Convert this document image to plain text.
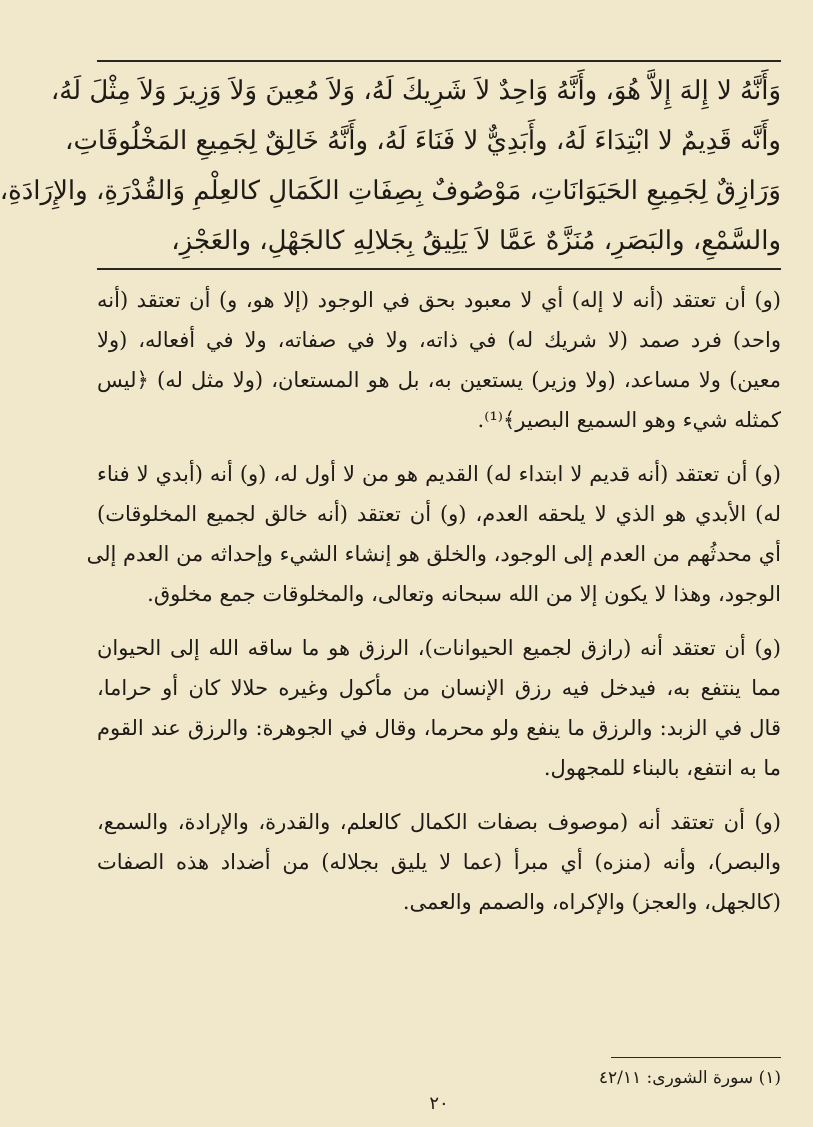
وَأَنَّهُ لا إِلهَ إِلاَّ هُوَ، وأَنَّهُ وَاحِدٌ لاَ شَرِيكَ لَهُ، وَلاَ مُعِينَ وَلاَ وَزِيرَ وَلاَ مِثْلَ لَهُ،

وأَنَّه قَدِيمٌ لا ابْتِدَاءَ لَهُ، وأَبَدِيٌّ لا فَنَاءَ لَهُ، وأَنَّهُ خَالِقٌ لِجَمِيعِ المَخْلُوقَاتِ،

وَرَازِقٌ لِجَمِيعِ الحَيَوَانَاتِ، مَوْصُوفٌ بِصِفَاتِ الكَمَالِ كالعِلْمِ وَالقُدْرَةِ، والإِرَادَةِ،

والسَّمْعِ، والبَصَرِ، مُنَزَّهٌ عَمَّا لاَ يَلِيقُ بِجَلالِهِ كالجَهْلِ، والعَجْزِ،

(و) أن تعتقد (أنه لا إله) أي لا معبود بحق في الوجود (إلا هو، و) أن تعتقد (أنه

واحد) فرد صمد (لا شريك له) في ذاته، ولا في صفاته، ولا في أفعاله، (ولا

معين) ولا مساعد، (ولا وزير) يستعين به، بل هو المستعان، (ولا مثل له) ﴿ليس

كمثله شيء وهو السميع البصير﴾⁽¹⁾.

(و) أن تعتقد (أنه قديم لا ابتداء له) القديم هو من لا أول له، (و) أنه (أبدي لا فناء

له) الأبدي هو الذي لا يلحقه العدم، (و) أن تعتقد (أنه خالق لجميع المخلوقات)

أي محدثُهم من العدم إلى الوجود، والخلق هو إنشاء الشيء وإحداثه من العدم إلى

الوجود، وهذا لا يكون إلا من الله سبحانه وتعالى، والمخلوقات جمع مخلوق.

(و) أن تعتقد أنه (رازق لجميع الحيوانات)، الرزق هو ما ساقه الله إلى الحيوان

مما ينتفع به، فيدخل فيه رزق الإنسان من مأكول وغيره حلالا كان أو حراما،

قال في الزبد: والرزق ما ينفع ولو محرما، وقال في الجوهرة: والرزق عند القوم

ما به انتفع، بالبناء للمجهول.

(و) أن تعتقد أنه (موصوف بصفات الكمال كالعلم، والقدرة، والإرادة، والسمع،

والبصر)، وأنه (منزه) أي مبرأ (عما لا يليق بجلاله) من أضداد هذه الصفات

(كالجهل، والعجز) والإكراه، والصمم والعمى.

(١) سورة الشورى: ٤٢/١١
٢٠
